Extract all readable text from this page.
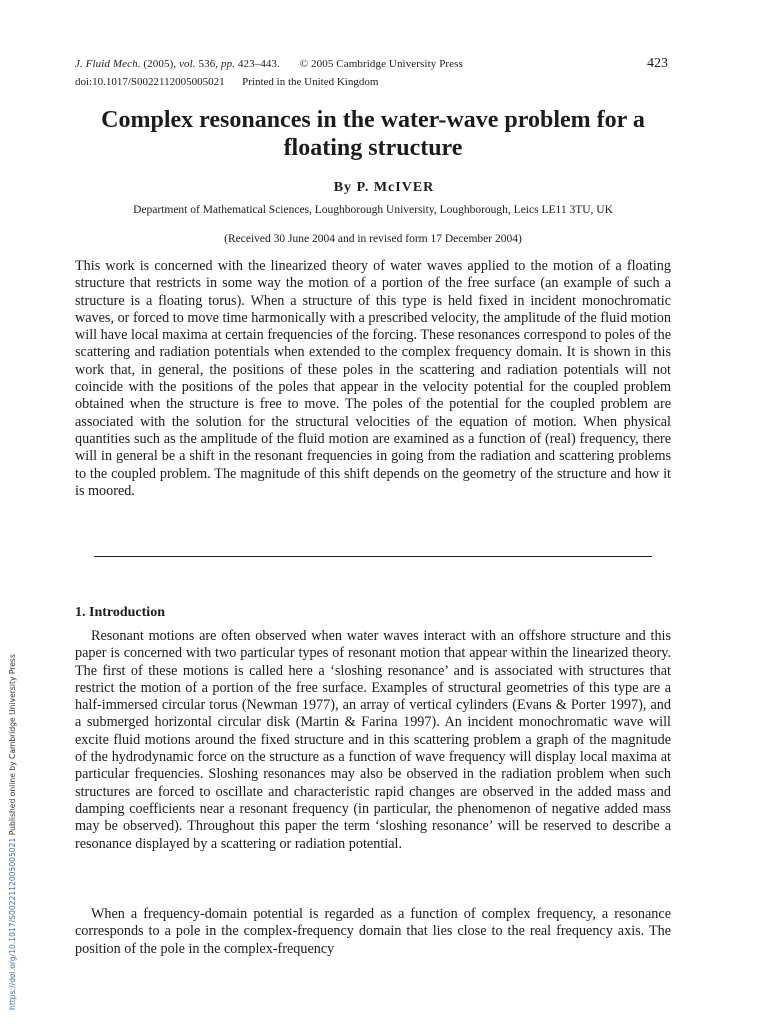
J. Fluid Mech. (2005), vol. 536, pp. 423–443. © 2005 Cambridge University Press
doi:10.1017/S0022112005005021 Printed in the United Kingdom
423
Complex resonances in the water-wave problem for a floating structure
By P. McIVER
Department of Mathematical Sciences, Loughborough University, Loughborough, Leics LE11 3TU, UK
(Received 30 June 2004 and in revised form 17 December 2004)
This work is concerned with the linearized theory of water waves applied to the motion of a floating structure that restricts in some way the motion of a portion of the free surface (an example of such a structure is a floating torus). When a structure of this type is held fixed in incident monochromatic waves, or forced to move time harmonically with a prescribed velocity, the amplitude of the fluid motion will have local maxima at certain frequencies of the forcing. These resonances correspond to poles of the scattering and radiation potentials when extended to the complex frequency domain. It is shown in this work that, in general, the positions of these poles in the scattering and radiation potentials will not coincide with the positions of the poles that appear in the velocity potential for the coupled problem obtained when the structure is free to move. The poles of the potential for the coupled problem are associated with the solution for the structural velocities of the equation of motion. When physical quantities such as the amplitude of the fluid motion are examined as a function of (real) frequency, there will in general be a shift in the resonant frequencies in going from the radiation and scattering problems to the coupled problem. The magnitude of this shift depends on the geometry of the structure and how it is moored.
1. Introduction
Resonant motions are often observed when water waves interact with an offshore structure and this paper is concerned with two particular types of resonant motion that appear within the linearized theory. The first of these motions is called here a ‘sloshing resonance’ and is associated with structures that restrict the motion of a portion of the free surface. Examples of structural geometries of this type are a half-immersed circular torus (Newman 1977), an array of vertical cylinders (Evans & Porter 1997), and a submerged horizontal circular disk (Martin & Farina 1997). An incident monochromatic wave will excite fluid motions around the fixed structure and in this scattering problem a graph of the magnitude of the hydrodynamic force on the structure as a function of wave frequency will display local maxima at particular frequencies. Sloshing resonances may also be observed in the radiation problem when such structures are forced to oscillate and characteristic rapid changes are observed in the added mass and damping coefficients near a resonant frequency (in particular, the phenomenon of negative added mass may be observed). Throughout this paper the term ‘sloshing resonance’ will be reserved to describe a resonance displayed by a scattering or radiation potential.
When a frequency-domain potential is regarded as a function of complex frequency, a resonance corresponds to a pole in the complex-frequency domain that lies close to the real frequency axis. The position of the pole in the complex-frequency
https://doi.org/10.1017/S0022112005005021 Published online by Cambridge University Press
